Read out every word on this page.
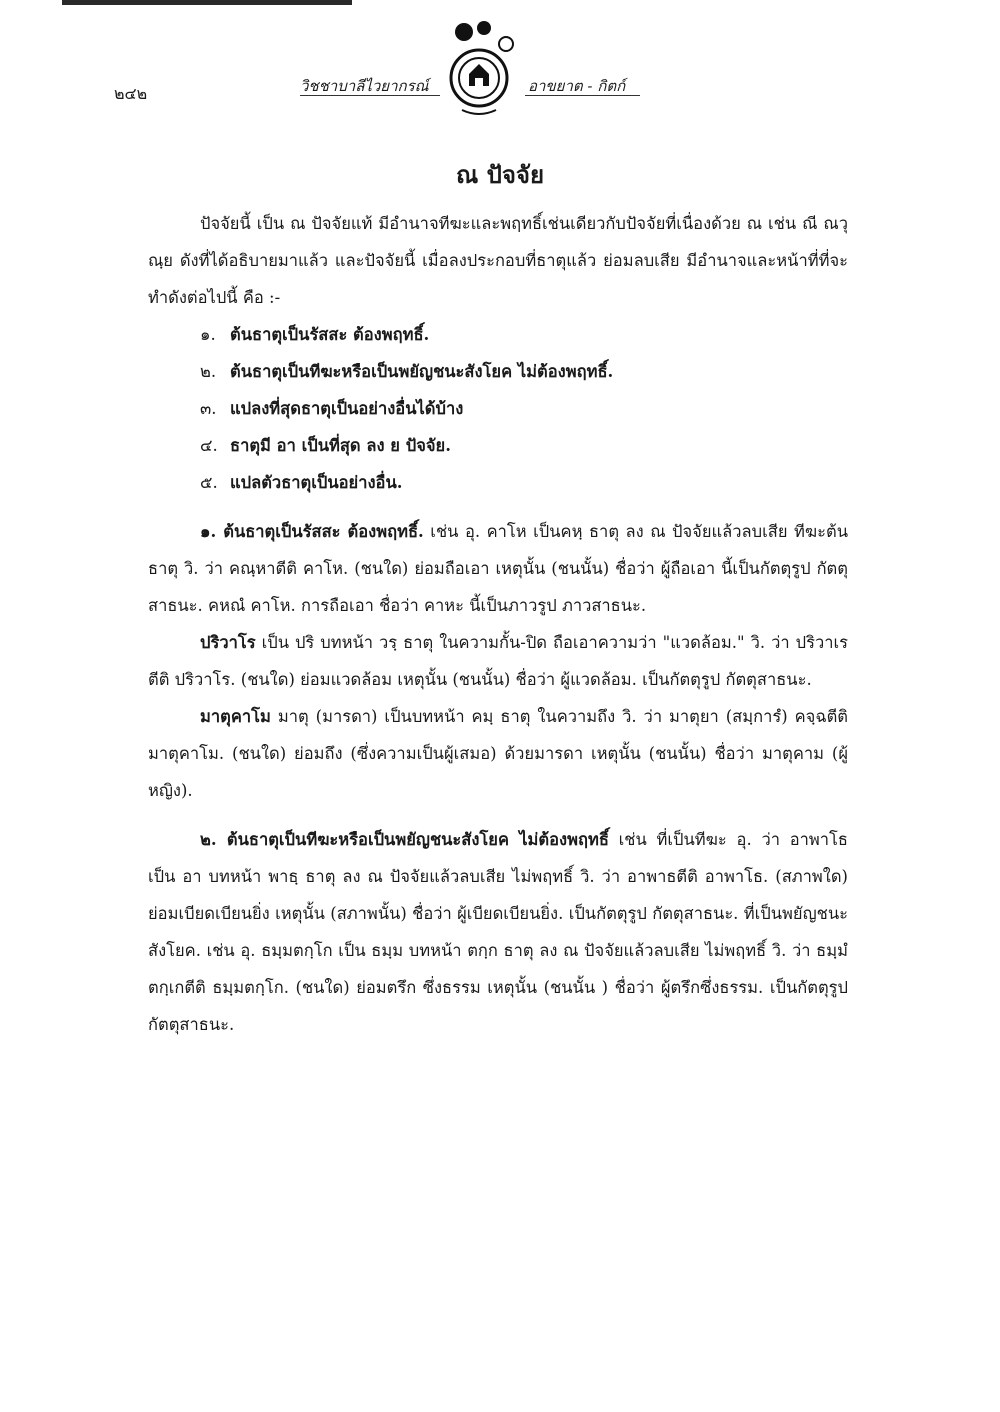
๒๔๒	วิชชาบาลีไวยากรณ์	อาขยาต - กิตก์
ณ ปัจจัย

ปัจจัยนี้ เป็น ณ ปัจจัยแท้ มีอำนาจทีฆะและพฤทธิ์เช่นเดียวกับปัจจัยที่เนื่องด้วย ณ เช่น ณี ณวุ ณฺย ดังที่ได้อธิบายมาแล้ว และปัจจัยนี้ เมื่อลงประกอบที่ธาตุแล้ว ย่อมลบเสีย มีอำนาจและหน้าที่ที่จะทำดังต่อไปนี้ คือ :-

๑. ต้นธาตุเป็นรัสสะ ต้องพฤทธิ์.
๒. ต้นธาตุเป็นทีฆะหรือเป็นพยัญชนะสังโยค ไม่ต้องพฤทธิ์.
๓. แปลงที่สุดธาตุเป็นอย่างอื่นได้บ้าง
๔. ธาตุมี อา เป็นที่สุด ลง ย ปัจจัย.
๕. แปลตัวธาตุเป็นอย่างอื่น.

๑. ต้นธาตุเป็นรัสสะ ต้องพฤทธิ์. เช่น อุ. คาโห เป็นคหฺ ธาตุ ลง ณ ปัจจัยแล้วลบเสีย ทีฆะต้นธาตุ วิ. ว่า คณฺหาตีติ คาโห. (ชนใด) ย่อมถือเอา เหตุนั้น (ชนนั้น) ชื่อว่า ผู้ถือเอา นี้เป็นกัตตุรูป กัตตุสาธนะ. คหณํ คาโห. การถือเอา ชื่อว่า คาหะ นี้เป็นภาวรูป ภาวสาธนะ.

ปริวาโร เป็น ปริ บทหน้า วรฺ ธาตุ ในความกั้น-ปิด ถือเอาความว่า "แวดล้อม." วิ. ว่า ปริวาเรตีติ ปริวาโร. (ชนใด) ย่อมแวดล้อม เหตุนั้น (ชนนั้น) ชื่อว่า ผู้แวดล้อม. เป็นกัตตุรูป กัตตุสาธนะ.

มาตุคาโม มาตุ (มารดา) เป็นบทหน้า คมฺ ธาตุ ในความถึง วิ. ว่า มาตุยา (สมฺการํ) คจฺฉตีติ มาตุคาโม. (ชนใด) ย่อมถึง (ซึ่งความเป็นผู้เสมอ) ด้วยมารดา เหตุนั้น (ชนนั้น) ชื่อว่า มาตุคาม (ผู้หญิง).

๒. ต้นธาตุเป็นทีฆะหรือเป็นพยัญชนะสังโยค ไม่ต้องพฤทธิ์ เช่น ที่เป็นทีฆะ อุ. ว่า อาพาโธ เป็น อา บทหน้า พาธฺ ธาตุ ลง ณ ปัจจัยแล้วลบเสีย ไม่พฤทธิ์ วิ. ว่า อาพาธตีติ อาพาโธ. (สภาพใด) ย่อมเบียดเบียนยิ่ง เหตุนั้น (สภาพนั้น) ชื่อว่า ผู้เบียดเบียนยิ่ง. เป็นกัตตุรูป กัตตุสาธนะ. ที่เป็นพยัญชนะสังโยค. เช่น อุ. ธมฺมตกฺโก เป็น ธมฺม บทหน้า ตกฺก ธาตุ ลง ณ ปัจจัยแล้วลบเสีย ไม่พฤทธิ์ วิ. ว่า ธมฺมํ ตกฺเกตีติ ธมฺมตกฺโก. (ชนใด) ย่อมตรึก ซึ่งธรรม เหตุนั้น (ชนนั้น ) ชื่อว่า ผู้ตรึกซึ่งธรรม. เป็นกัตตุรูป กัตตุสาธนะ.
